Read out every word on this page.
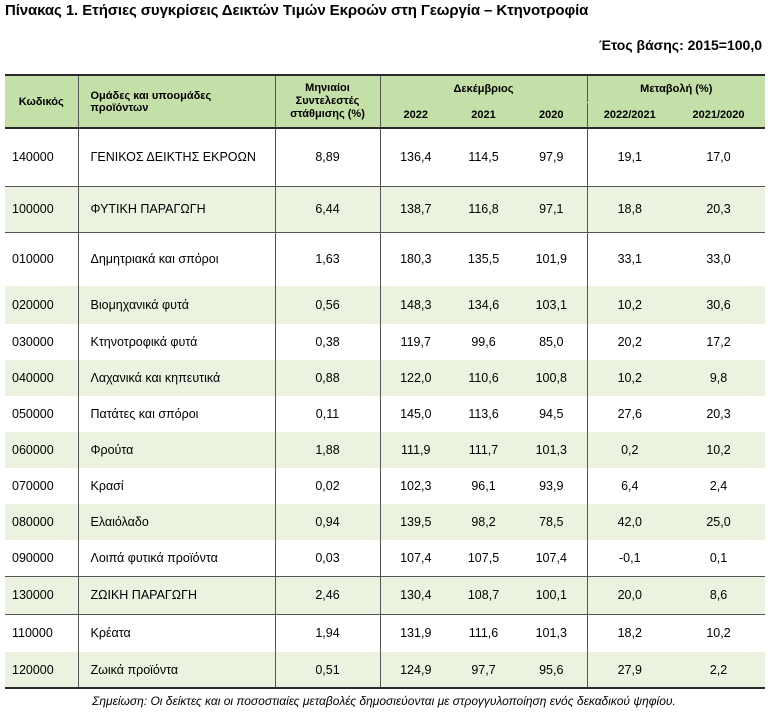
Πίνακας 1. Ετήσιες συγκρίσεις Δεικτών Τιμών Εκροών στη Γεωργία – Κτηνοτροφία
Έτος βάσης: 2015=100,0
Κωδικός	Ομάδες και υπoομάδες προϊόντων	Μηνιαίοι Συντελεστές στάθμισης (%)	Δεκέμβριος			Μεταβολή (%)	
			2022	2021	2020	2022/2021	2021/2020
140000	ΓΕΝΙΚΟΣ ΔΕΙΚΤΗΣ ΕΚΡΟΩΝ	8,89	136,4	114,5	97,9	19,1	17,0
100000	ΦΥΤΙΚΗ ΠΑΡΑΓΩΓΗ	6,44	138,7	116,8	97,1	18,8	20,3
010000	Δημητριακά και σπόροι	1,63	180,3	135,5	101,9	33,1	33,0
020000	Βιομηχανικά φυτά	0,56	148,3	134,6	103,1	10,2	30,6
030000	Κτηνοτροφικά φυτά	0,38	119,7	99,6	85,0	20,2	17,2
040000	Λαχανικά και κηπευτικά	0,88	122,0	110,6	100,8	10,2	9,8
050000	Πατάτες και σπόροι	0,11	145,0	113,6	94,5	27,6	20,3
060000	Φρούτα	1,88	111,9	111,7	101,3	0,2	10,2
070000	Κρασί	0,02	102,3	96,1	93,9	6,4	2,4
080000	Ελαιόλαδο	0,94	139,5	98,2	78,5	42,0	25,0
090000	Λοιπά φυτικά προϊόντα	0,03	107,4	107,5	107,4	-0,1	0,1
130000	ΖΩΙΚΗ ΠΑΡΑΓΩΓΗ	2,46	130,4	108,7	100,1	20,0	8,6
110000	Κρέατα	1,94	131,9	111,6	101,3	18,2	10,2
120000	Ζωικά προϊόντα	0,51	124,9	97,7	95,6	27,9	2,2
Σημείωση: Οι δείκτες και οι ποσοστιαίες μεταβολές δημοσιεύονται με στρογγυλοποίηση ενός δεκαδικού ψηφίου.
